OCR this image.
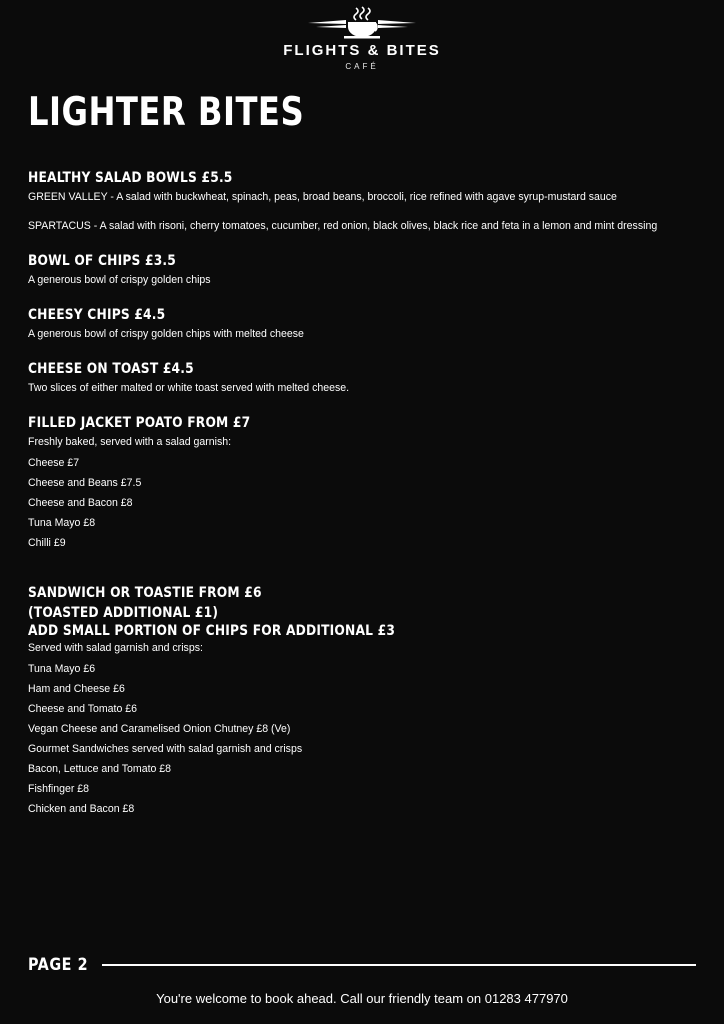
FLIGHTS & BITES
CAFÉ
LIGHTER BITES
HEALTHY SALAD BOWLS £5.5
GREEN VALLEY - A salad with buckwheat, spinach, peas, broad beans, broccoli, rice refined with agave syrup-mustard sauce
SPARTACUS - A salad with risoni, cherry tomatoes, cucumber, red onion, black olives, black rice and feta in a lemon and mint dressing
BOWL OF CHIPS £3.5
A generous bowl of crispy golden chips
CHEESY CHIPS £4.5
A generous bowl of crispy golden chips with melted cheese
CHEESE ON TOAST £4.5
Two slices of either malted or white toast served with melted cheese.
FILLED JACKET POATO FROM £7
Freshly baked, served with a salad garnish:
Cheese £7
Cheese and Beans £7.5
Cheese and Bacon £8
Tuna Mayo £8
Chilli £9
SANDWICH OR TOASTIE FROM £6
(TOASTED ADDITIONAL £1)
ADD SMALL PORTION OF CHIPS FOR ADDITIONAL £3
Served with salad garnish and crisps:
Tuna Mayo £6
Ham and Cheese £6
Cheese and Tomato £6
Vegan Cheese and Caramelised Onion Chutney £8 (Ve)
Gourmet Sandwiches served with salad garnish and crisps
Bacon, Lettuce and Tomato £8
Fishfinger £8
Chicken and Bacon £8
PAGE 2
You're welcome to book ahead. Call our friendly team on 01283 477970
